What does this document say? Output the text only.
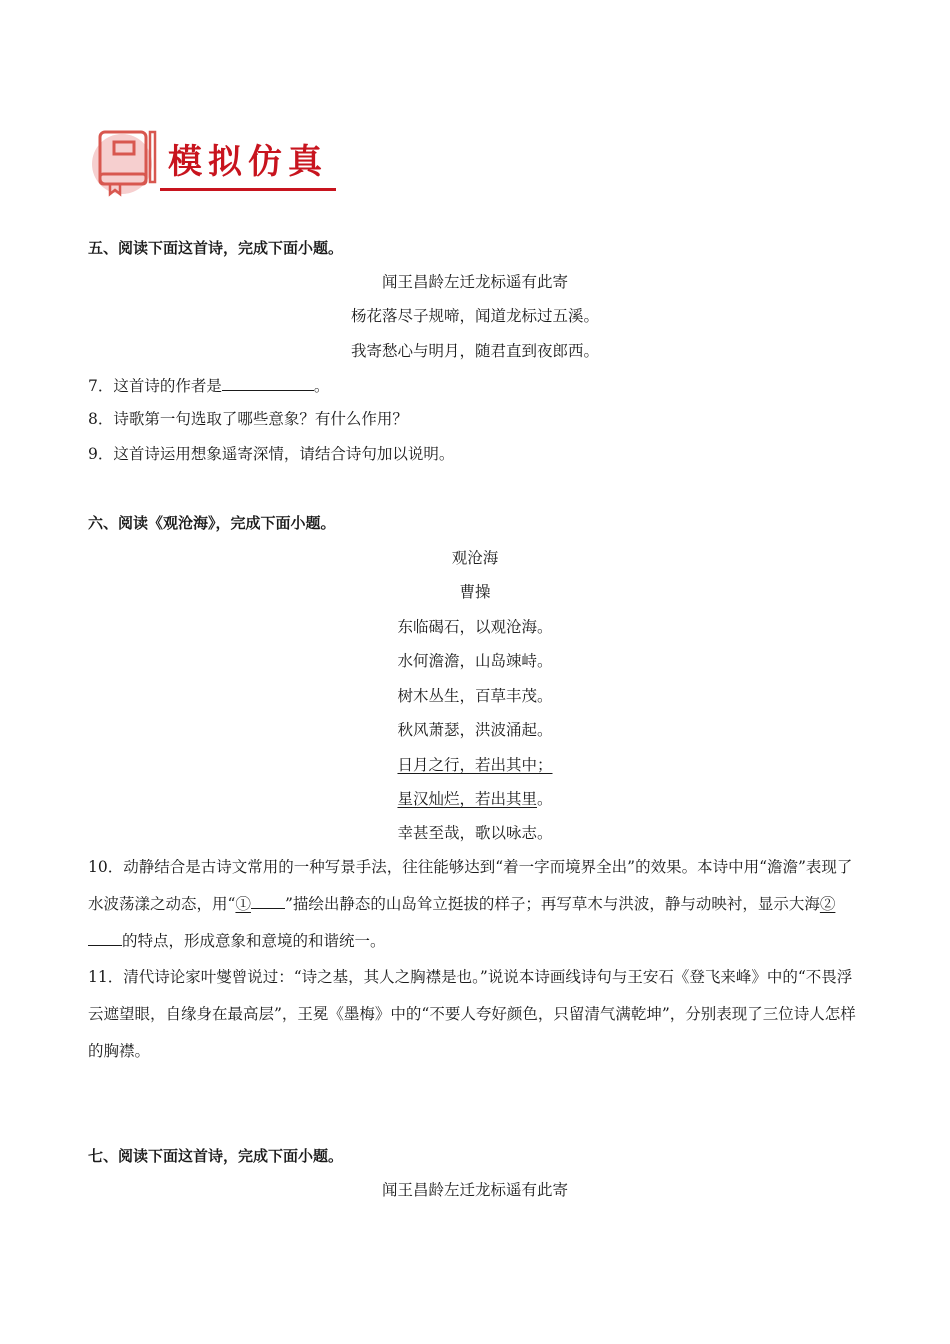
模拟仿真
五、阅读下面这首诗，完成下面小题。
闻王昌龄左迁龙标遥有此寄
杨花落尽子规啼，闻道龙标过五溪。
我寄愁心与明月，随君直到夜郎西。
7．这首诗的作者是	。
8．诗歌第一句选取了哪些意象？有什么作用？
9．这首诗运用想象遥寄深情，请结合诗句加以说明。
六、阅读《观沧海》，完成下面小题。
观沧海
曹操
东临碣石，以观沧海。
水何澹澹，山岛竦峙。
树木丛生，百草丰茂。
秋风萧瑟，洪波涌起。
日月之行，若出其中；
星汉灿烂，若出其里。
幸甚至哉，歌以咏志。
10．动静结合是古诗文常用的一种写景手法，往往能够达到“着一字而境界全出”的效果。本诗中用“澹澹”表现了水波荡漾之动态，用“① ”描绘出静态的山岛耸立挺拔的样子；再写草木与洪波，静与动映衬，显示大海②的特点，形成意象和意境的和谐统一。
11．清代诗论家叶燮曾说过：“诗之基，其人之胸襟是也。”说说本诗画线诗句与王安石《登飞来峰》中的“不畏浮云遮望眼，自缘身在最高层”，王冕《墨梅》中的“不要人夸好颜色，只留清气满乾坤”，分别表现了三位诗人怎样的胸襟。
七、阅读下面这首诗，完成下面小题。
闻王昌龄左迁龙标遥有此寄
